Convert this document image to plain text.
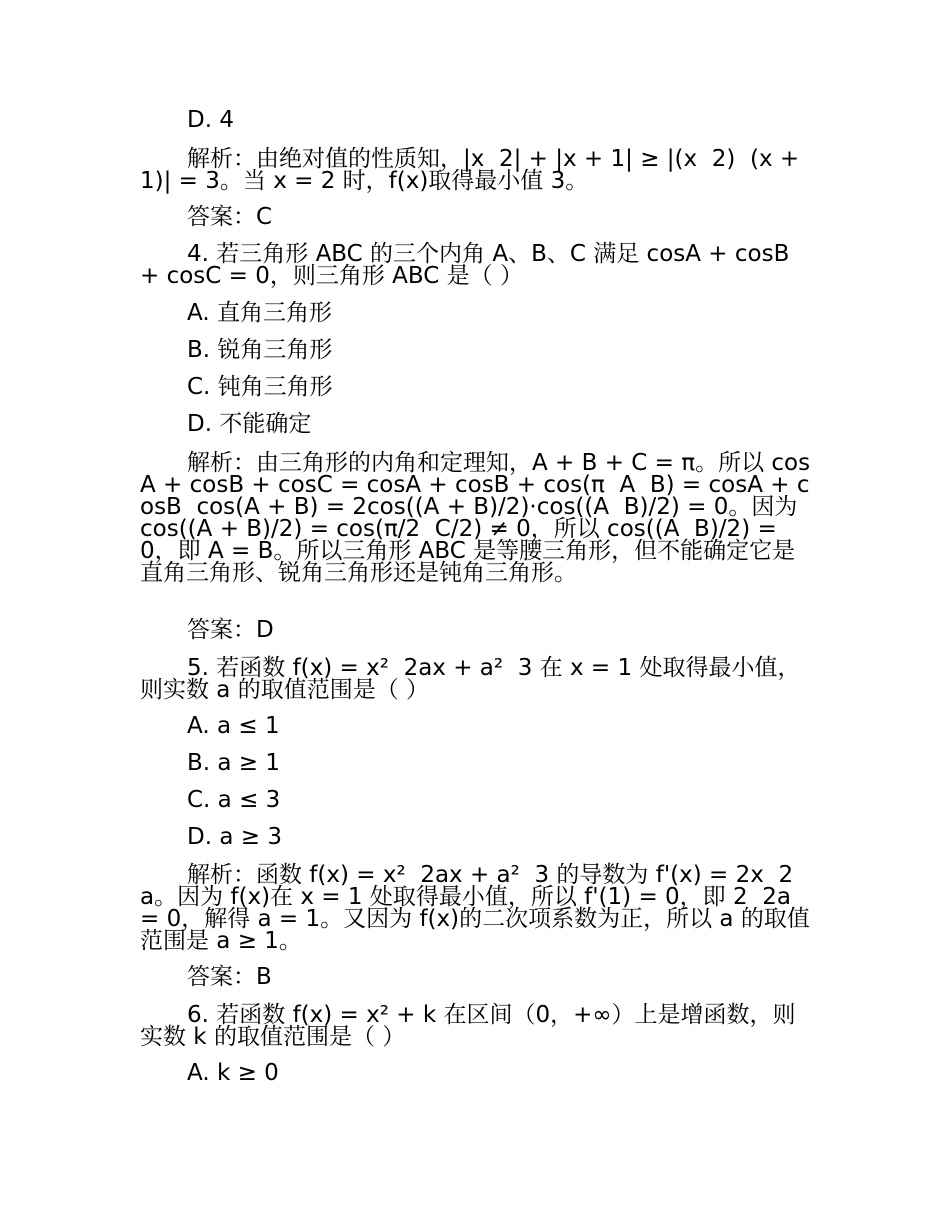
D. 4
解析：由绝对值的性质知，|x  2| + |x + 1| ≥ |(x  2)  (x + 1)| = 3。当 x = 2 时，f(x)取得最小值 3。
答案：C
4. 若三角形 ABC 的三个内角 A、B、C 满足 cosA + cosB + cosC = 0，则三角形 ABC 是（ ）
A. 直角三角形
B. 锐角三角形
C. 钝角三角形
D. 不能确定
解析：由三角形的内角和定理知，A + B + C = π。所以 cosA + cosB + cosC = cosA + cosB + cos(π  A  B) = cosA + cosB  cos(A + B) = 2cos((A + B)/2)·cos((A  B)/2) = 0。因为 cos((A + B)/2) = cos(π/2  C/2) ≠ 0，所以 cos((A  B)/2) = 0，即 A = B。所以三角形 ABC 是等腰三角形，但不能确定它是直角三角形、锐角三角形还是钝角三角形。
答案：D
5. 若函数 f(x) = x²  2ax + a²  3 在 x = 1 处取得最小值，则实数 a 的取值范围是（ ）
A. a ≤ 1
B. a ≥ 1
C. a ≤ 3
D. a ≥ 3
解析：函数 f(x) = x²  2ax + a²  3 的导数为 f'(x) = 2x  2a。因为 f(x)在 x = 1 处取得最小值，所以 f'(1) = 0，即 2  2a = 0，解得 a = 1。又因为 f(x)的二次项系数为正，所以 a 的取值范围是 a ≥ 1。
答案：B
6. 若函数 f(x) = x² + k 在区间（0，+∞）上是增函数，则实数 k 的取值范围是（ ）
A. k ≥ 0
